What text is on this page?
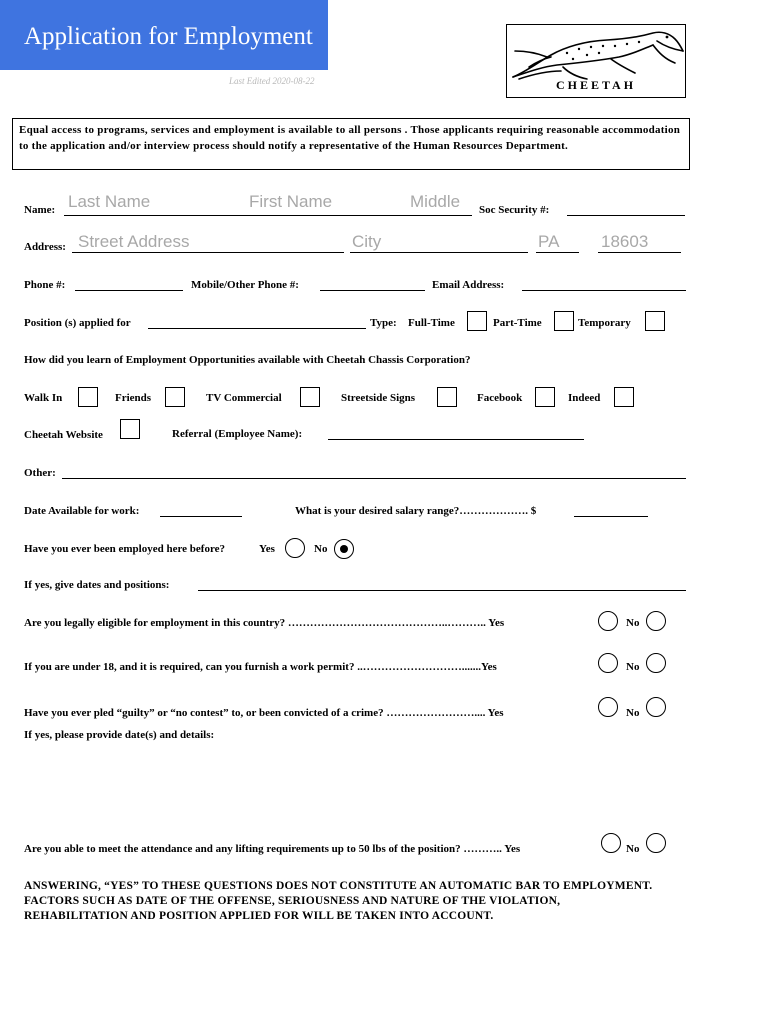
Application for Employment
Last Edited 2020-08-22	CHEETAH
Equal access to programs, services and employment is available to all persons . Those applicants requiring reasonable accommodation to the application and/or interview process should notify a representative of the Human Resources Department.
Name: Last Name	First Name	Middle Soc Security #:
Address: Street Address	City	PA 18603
Phone #:	Mobile/Other Phone #:	Email Address:
Position (s) applied for	Type: Full-Time	Part-Time	Temporary
How did you learn of Employment Opportunities available with Cheetah Chassis Corporation?
Walk In	Friends	TV Commercial	Streetside Signs	Facebook	Indeed
Cheetah Website	Referral (Employee Name):
Other:
Date Available for work:	What is your desired salary range?………………. $
Have you ever been employed here before?	Yes	No
If yes, give dates and positions:
Are you legally eligible for employment in this country? ……………………………………..……….. Yes	No
If you are under 18, and it is required, can you furnish a work permit? ..……………………….......Yes	No
Have you ever pled “guilty” or “no contest” to, or been convicted of a crime? …………………….... Yes	No
If yes, please provide date(s) and details:
Are you able to meet the attendance and any lifting requirements up to 50 lbs of the position? ……….. Yes	No
ANSWERING, “YES” TO THESE QUESTIONS DOES NOT CONSTITUTE AN AUTOMATIC BAR TO EMPLOYMENT. FACTORS SUCH AS DATE OF THE OFFENSE, SERIOUSNESS AND NATURE OF THE VIOLATION, REHABILITATION AND POSITION APPLIED FOR WILL BE TAKEN INTO ACCOUNT.
